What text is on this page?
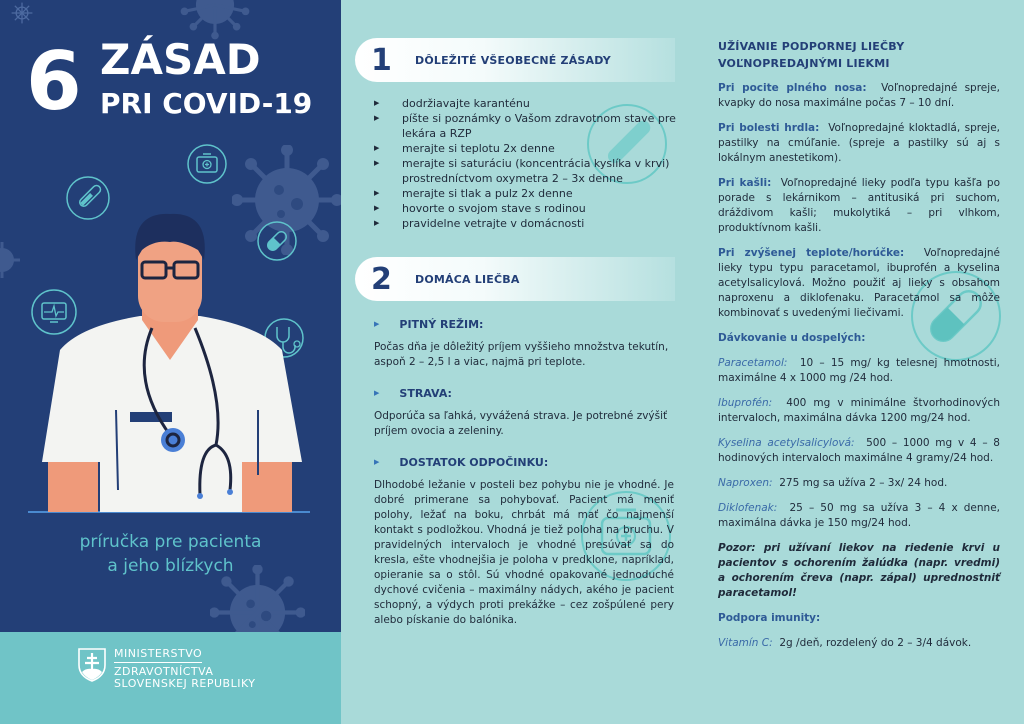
6 ZÁSAD
PRI COVID-19
príručka pre pacienta
a jeho blízkych
MINISTERSTVO
ZDRAVOTNÍCTVA
SLOVENSKEJ REPUBLIKY
1	DÔLEŽITÉ VŠEOBECNÉ ZÁSADY
▶ dodržiavajte karanténu
▶ píšte si poznámky o Vašom zdravotnom stave pre lekára a RZP
▶ merajte si teplotu 2x denne
▶ merajte si saturáciu (koncentrácia kyslíka v krvi) prostredníctvom oxymetra 2 – 3x denne
▶ merajte si tlak a pulz 2x denne
▶ hovorte o svojom stave s rodinou
▶ pravidelne vetrajte v domácnosti
2	DOMÁCA LIEČBA
▶ PITNÝ REŽIM:
Počas dňa je dôležitý príjem vyššieho množstva tekutín, aspoň 2 – 2,5 l a viac, najmä pri teplote.
▶ STRAVA:
Odporúča sa ľahká, vyvážená strava. Je potrebné zvýšiť príjem ovocia a zeleniny.
▶ DOSTATOK ODPOČINKU:
Dlhodobé ležanie v posteli bez pohybu nie je vhodné. Je dobré primerane sa pohybovať. Pacient má meniť polohy, ležať na boku, chrbát má mať čo najmenší kontakt s podložkou. Vhodná je tiež poloha na bruchu. V pravidelných intervaloch je vhodné presúvať sa do kresla, ešte vhodnejšia je poloha v predklone, napríklad, opieranie sa o stôl. Sú vhodné opakované jednoduché dychové cvičenia – maximálny nádych, akého je pacient schopný, a výdych proti prekážke – cez zošpúlené pery alebo pískanie do balónika.
UŽÍVANIE PODPORNEJ LIEČBY
VOĽNOPREDAJNÝMI LIEKMI
Pri pocite plného nosa: Voľnopredajné spreje, kvapky do nosa maximálne počas 7 – 10 dní.
Pri bolesti hrdla: Voľnopredajné kloktadlá, spreje, pastilky na cmúľanie. (spreje a pastilky sú aj s lokálnym anestetikom).
Pri kašli: Voľnopredajné lieky podľa typu kašľa po porade s lekárnikom – antitusiká pri suchom, dráždivom kašli; mukolytiká – pri vlhkom, produktívnom kašli.
Pri zvýšenej teplote/horúčke: Voľnopredajné lieky typu typu paracetamol, ibuprofén a kyselina acetylsalicylová. Možno použiť aj lieky s obsahom naproxenu a diklofenaku. Paracetamol sa môže kombinovať s uvedenými liečivami.
Dávkovanie u dospelých:
Paracetamol: 10 – 15 mg/ kg telesnej hmotnosti, maximálne 4 x 1000 mg /24 hod.
Ibuprofén: 400 mg v minimálne štvorhodinových intervaloch, maximálna dávka 1200 mg/24 hod.
Kyselina acetylsalicylová: 500 – 1000 mg v 4 – 8 hodinových intervaloch maximálne 4 gramy/24 hod.
Naproxen: 275 mg sa užíva 2 – 3x/ 24 hod.
Diklofenak: 25 – 50 mg sa užíva 3 – 4 x denne, maximálna dávka je 150 mg/24 hod.
Pozor: pri užívaní liekov na riedenie krvi u pacientov s ochorením žalúdka (napr. vredmi) a ochorením čreva (napr. zápal) uprednostniť paracetamol!
Podpora imunity:
Vitamín C: 2g /deň, rozdelený do 2 – 3/4 dávok.
